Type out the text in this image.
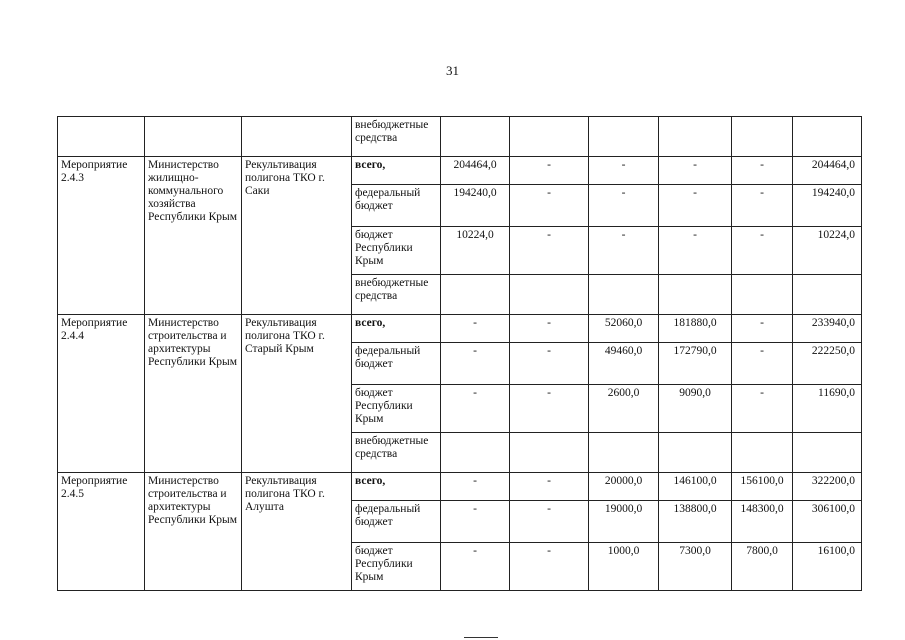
31
			внебюджетные средства						
Мероприятие 2.4.3	Министерство жилищно-коммунального хозяйства Республики Крым	Рекультивация полигона ТКО г. Саки	всего,	204464,0	-	-	-	-	204464,0
			федеральный бюджет	194240,0	-	-	-	-	194240,0
			бюджет Республики Крым	10224,0	-	-	-	-	10224,0
			внебюджетные средства						
Мероприятие 2.4.4	Министерство строительства и архитектуры Республики Крым	Рекультивация полигона ТКО г. Старый Крым	всего,	-	-	52060,0	181880,0	-	233940,0
			федеральный бюджет	-	-	49460,0	172790,0	-	222250,0
			бюджет Республики Крым	-	-	2600,0	9090,0	-	11690,0
			внебюджетные средства						
Мероприятие 2.4.5	Министерство строительства и архитектуры Республики Крым	Рекультивация полигона ТКО г. Алушта	всего,	-	-	20000,0	146100,0	156100,0	322200,0
			федеральный бюджет	-	-	19000,0	138800,0	148300,0	306100,0
			бюджет Республики Крым	-	-	1000,0	7300,0	7800,0	16100,0
